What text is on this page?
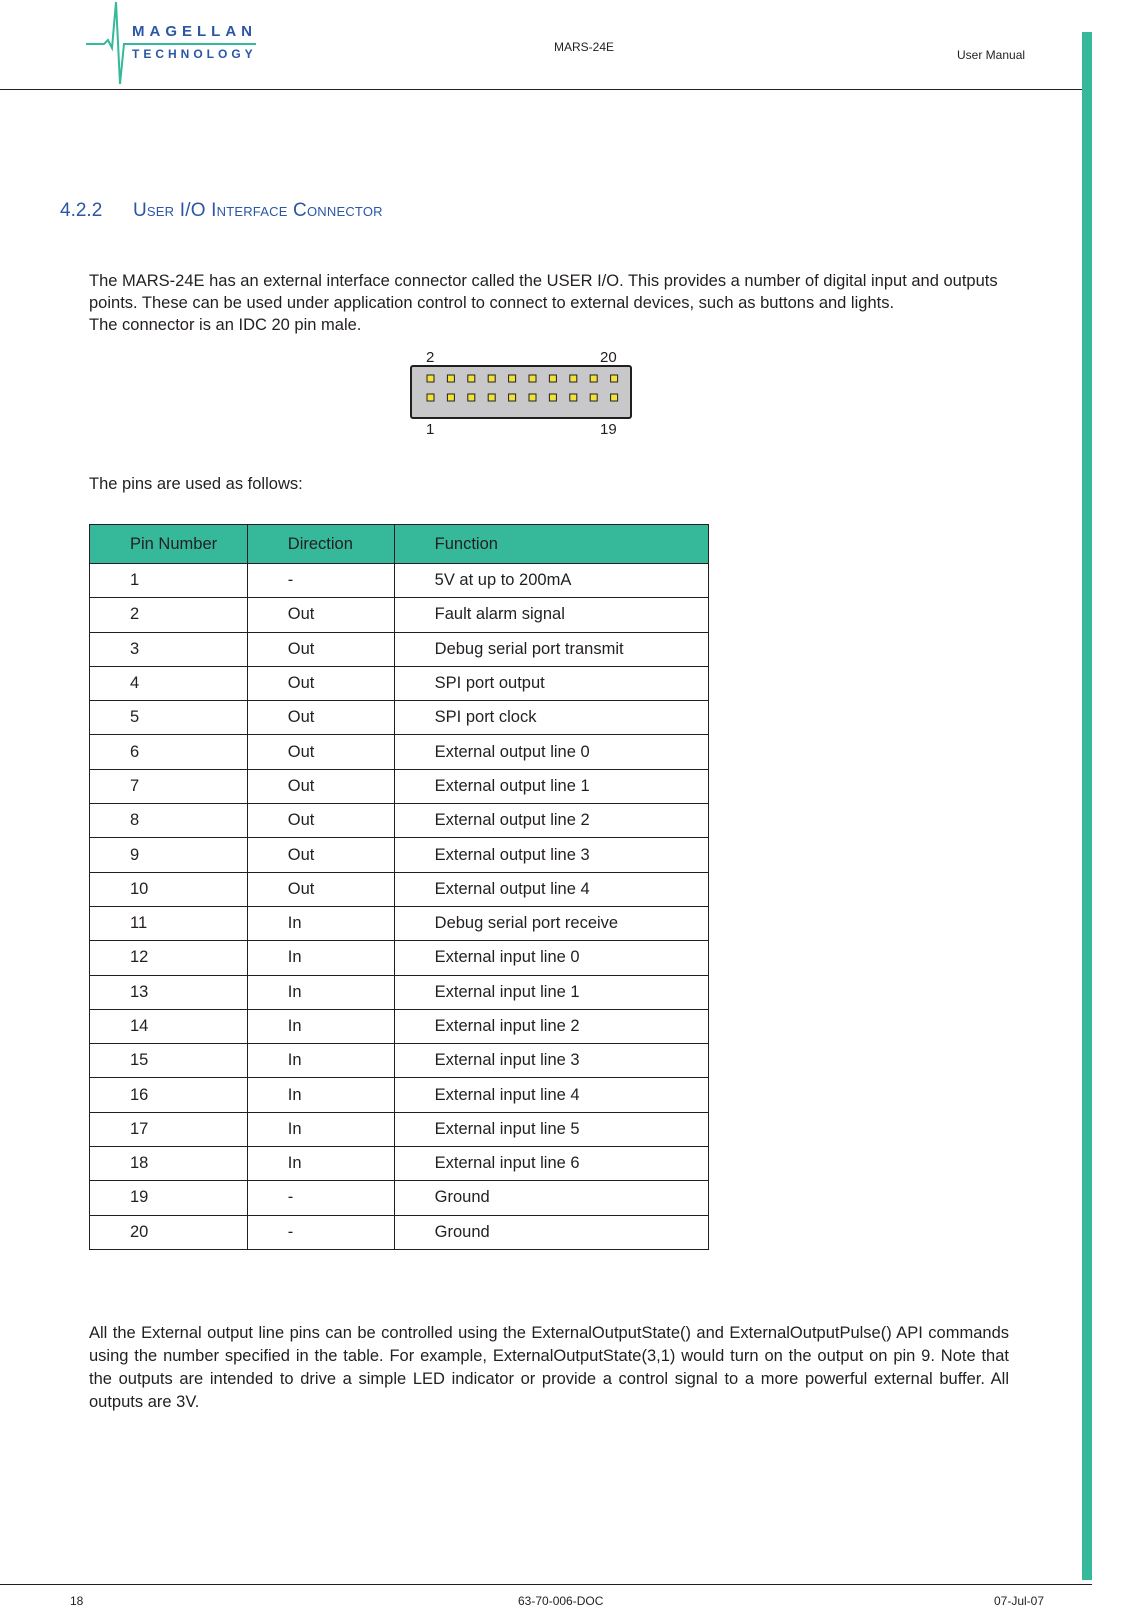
MAGELLAN
TECHNOLOGY	MARS-24E
User Manual
4.2.2 User I/O Interface Connector

The MARS-24E has an external interface connector called the USER I/O. This provides a number of digital input and outputs points. These can be used under application control to connect to external devices, such as buttons and lights.

The connector is an IDC 20 pin male.

2	20
1	19
The pins are used as follows:
Pin Number	Direction	Function
1	-	5V at up to 200mA
2	Out	Fault alarm signal
3	Out	Debug serial port transmit
4	Out	SPI port output
5	Out	SPI port clock
6	Out	External output line 0
7	Out	External output line 1
8	Out	External output line 2
9	Out	External output line 3
10	Out	External output line 4
11	In	Debug serial port receive
12	In	External input line 0
13	In	External input line 1
14	In	External input line 2
15	In	External input line 3
16	In	External input line 4
17	In	External input line 5
18	In	External input line 6
19	-	Ground
20	-	Ground
All the External output line pins can be controlled using the ExternalOutputState() and ExternalOutputPulse() API commands using the number specified in the table. For example, ExternalOutputState(3,1) would turn on the output on pin 9. Note that the outputs are intended to drive a simple LED indicator or provide a control signal to a more powerful external buffer. All outputs are 3V.
18	63-70-006-DOC	07-Jul-07
